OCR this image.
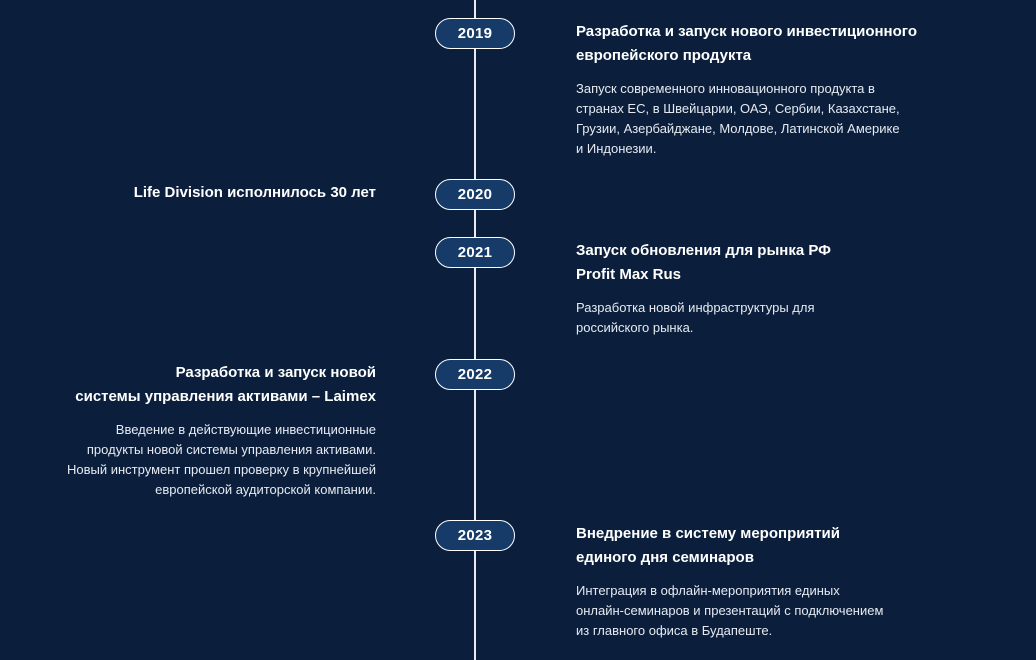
2019	Разработка и запуск нового инвестиционного
европейского продукта
Запуск современного инновационного продукта в
странах ЕС, в Швейцарии, ОАЭ, Сербии, Казахстане,
Грузии, Азербайджане, Молдове, Латинской Америке
и Индонезии.
2020
Life Division исполнилось 30 лет
2021	Запуск обновления для рынка РФ
Profit Max Rus
Разработка новой инфраструктуры для
российского рынка.
2022
Разработка и запуск новой
системы управления активами – Laimex
Введение в действующие инвестиционные
продукты новой системы управления активами.
Новый инструмент прошел проверку в крупнейшей
европейской аудиторской компании.
2023	Внедрение в систему мероприятий
единого дня семинаров
Интеграция в офлайн-мероприятия единых
онлайн-семинаров и презентаций с подключением
из главного офиса в Будапеште.
